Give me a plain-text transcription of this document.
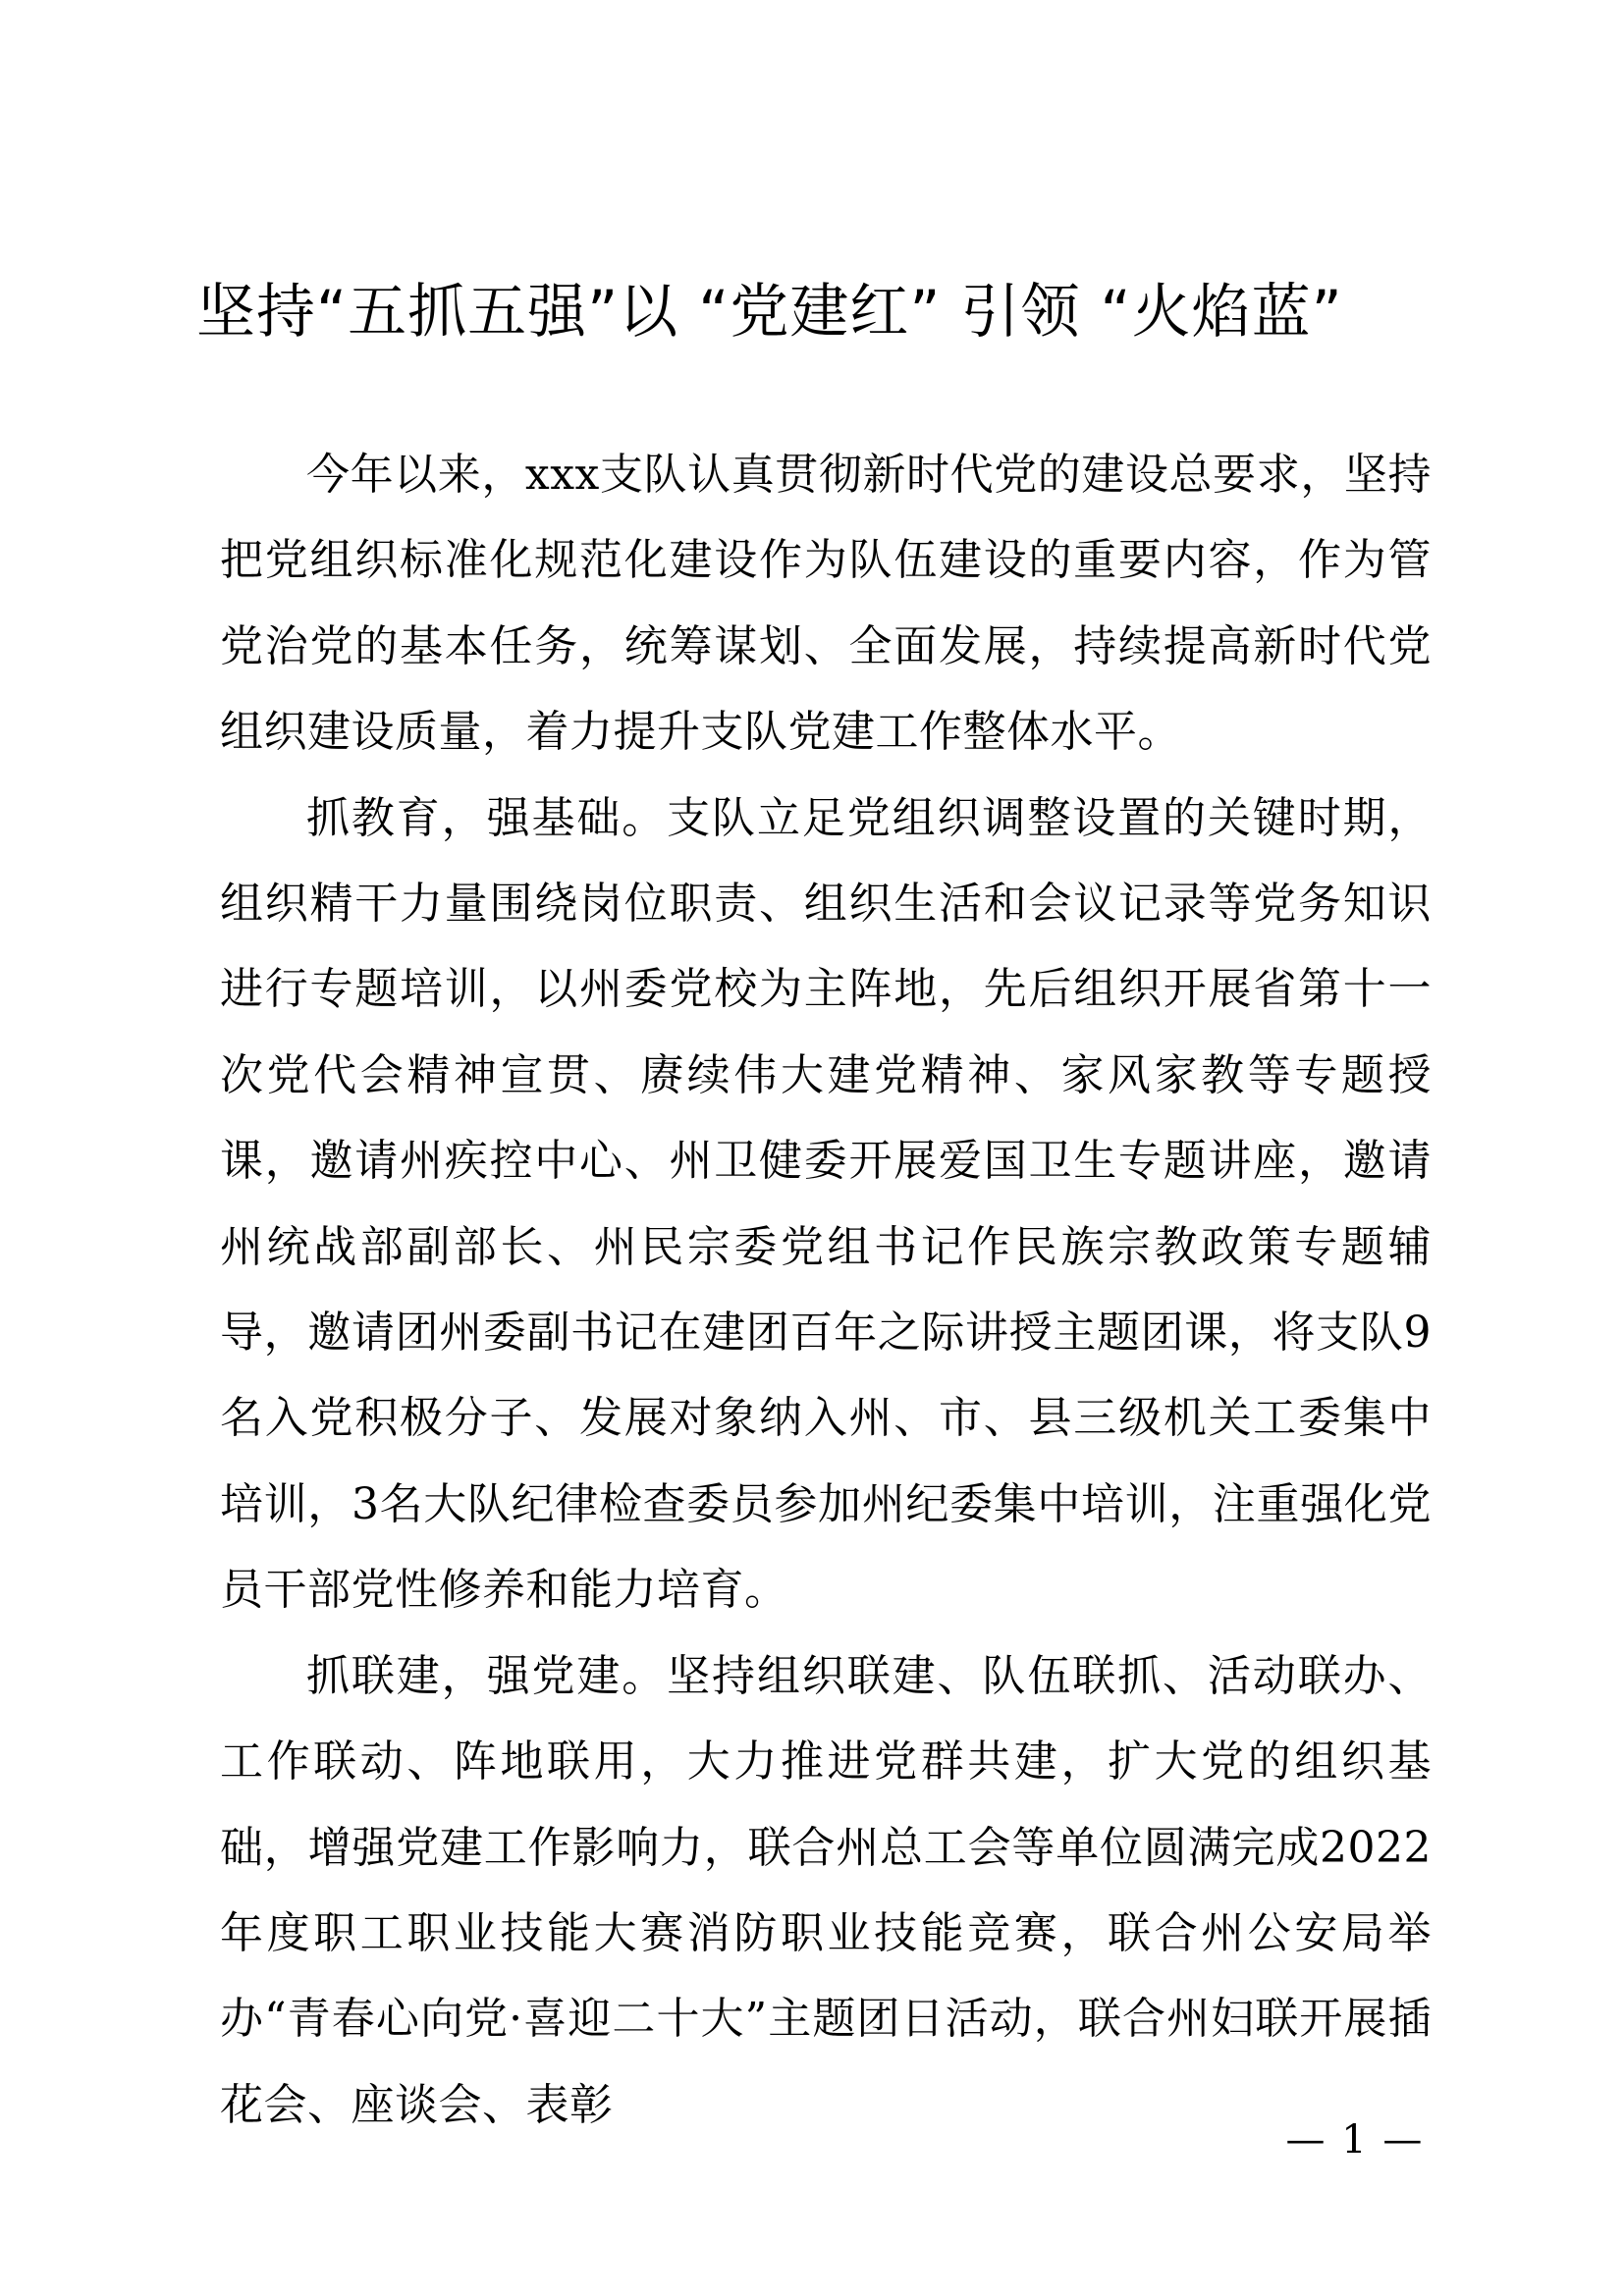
坚持“五抓五强”以 “党建红” 引领 “火焰蓝”

今年以来，xxx支队认真贯彻新时代党的建设总要求，坚持把党组织标准化规范化建设作为队伍建设的重要内容，作为管党治党的基本任务，统筹谋划、全面发展，持续提高新时代党组织建设质量，着力提升支队党建工作整体水平。

抓教育，强基础。支队立足党组织调整设置的关键时期，组织精干力量围绕岗位职责、组织生活和会议记录等党务知识进行专题培训，以州委党校为主阵地，先后组织开展省第十一次党代会精神宣贯、赓续伟大建党精神、家风家教等专题授课，邀请州疾控中心、州卫健委开展爱国卫生专题讲座，邀请州统战部副部长、州民宗委党组书记作民族宗教政策专题辅导，邀请团州委副书记在建团百年之际讲授主题团课，将支队9名入党积极分子、发展对象纳入州、市、县三级机关工委集中培训，3名大队纪律检查委员参加州纪委集中培训，注重强化党员干部党性修养和能力培育。

抓联建，强党建。坚持组织联建、队伍联抓、活动联办、工作联动、阵地联用，大力推进党群共建，扩大党的组织基础，增强党建工作影响力，联合州总工会等单位圆满完成2022年度职工职业技能大赛消防职业技能竞赛，联合州公安局举办“青春心向党·喜迎二十大”主题团日活动，联合州妇联开展插花会、座谈会、表彰

— 1 —
